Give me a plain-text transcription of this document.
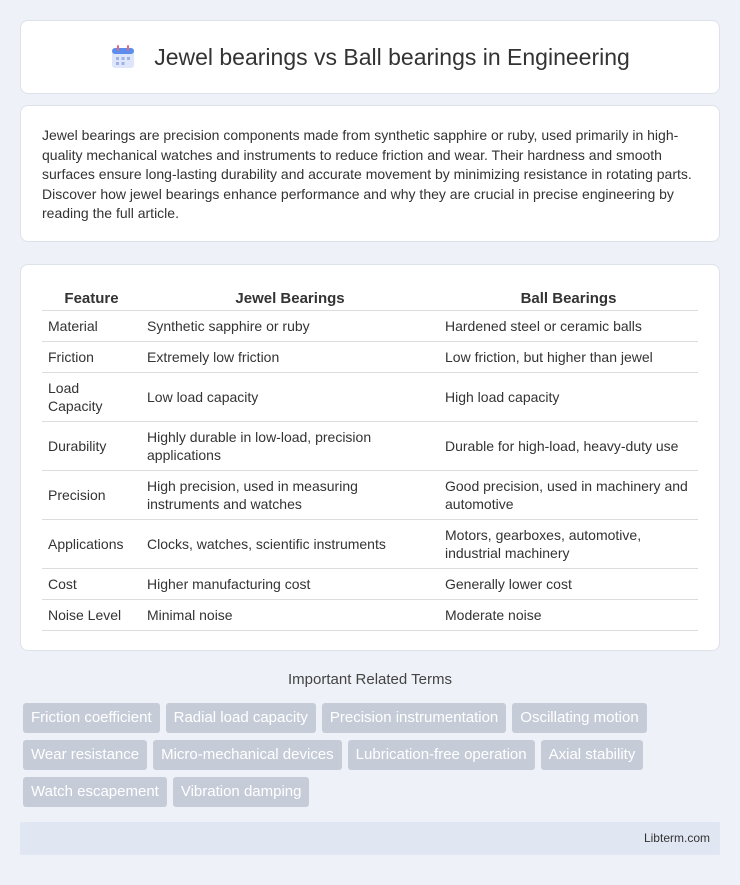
Jewel bearings vs Ball bearings in Engineering

Jewel bearings are precision components made from synthetic sapphire or ruby, used primarily in high-quality mechanical watches and instruments to reduce friction and wear. Their hardness and smooth surfaces ensure long-lasting durability and accurate movement by minimizing resistance in rotating parts. Discover how jewel bearings enhance performance and why they are crucial in precise engineering by reading the full article.

Feature	Jewel Bearings	Ball Bearings
Material	Synthetic sapphire or ruby	Hardened steel or ceramic balls
Friction	Extremely low friction	Low friction, but higher than jewel
Load Capacity	Low load capacity	High load capacity
Durability	Highly durable in low-load, precision applications	Durable for high-load, heavy-duty use
Precision	High precision, used in measuring instruments and watches	Good precision, used in machinery and automotive
Applications	Clocks, watches, scientific instruments	Motors, gearboxes, automotive, industrial machinery
Cost	Higher manufacturing cost	Generally lower cost
Noise Level	Minimal noise	Moderate noise
Important Related Terms
Friction coefficient	Radial load capacity	Precision instrumentation	Oscillating motion
Wear resistance	Micro-mechanical devices	Lubrication-free operation	Axial stability
Watch escapement	Vibration damping
Libterm.com
